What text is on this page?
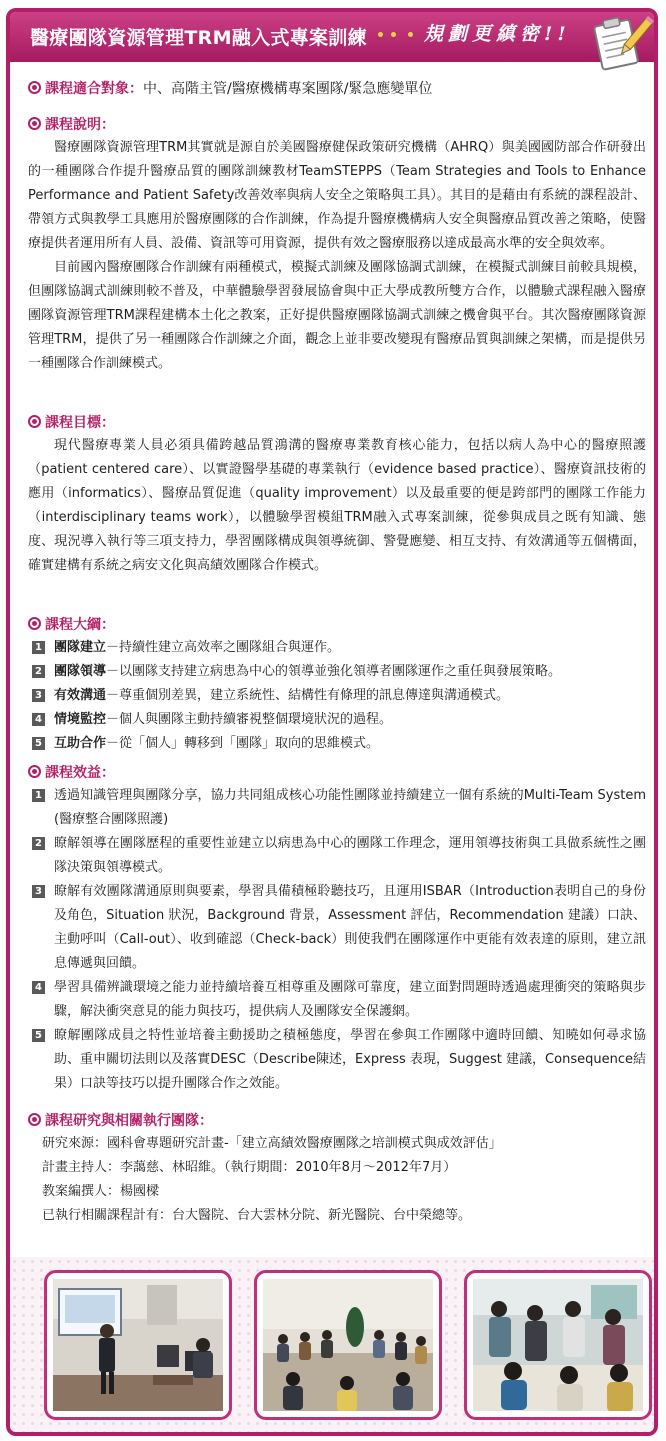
醫療團隊資源管理TRM融入式專案訓練	規劃更縝密!!
課程適合對象：中、高階主管/醫療機構專案團隊/緊急應變單位
課程說明：

醫療團隊資源管理TRM其實就是源自於美國醫療健保政策研究機構（AHRQ）與美國國防部合作研發出的一種團隊合作提升醫療品質的團隊訓練教材TeamSTEPPS（Team Strategies and Tools to Enhance Performance and Patient Safety改善效率與病人安全之策略與工具）。其目的是藉由有系統的課程設計、帶領方式與教學工具應用於醫療團隊的合作訓練，作為提升醫療機構病人安全與醫療品質改善之策略，使醫療提供者運用所有人員、設備、資訊等可用資源，提供有效之醫療服務以達成最高水準的安全與效率。

目前國內醫療團隊合作訓練有兩種模式，模擬式訓練及團隊協調式訓練，在模擬式訓練目前較具規模，但團隊協調式訓練則較不普及，中華體驗學習發展協會與中正大學成教所雙方合作，以體驗式課程融入醫療團隊資源管理TRM課程建構本土化之教案，正好提供醫療團隊協調式訓練之機會與平台。其次醫療團隊資源管理TRM，提供了另一種團隊合作訓練之介面，觀念上並非要改變現有醫療品質與訓練之架構，而是提供另一種團隊合作訓練模式。

課程目標：

現代醫療專業人員必須具備跨越品質鴻溝的醫療專業教育核心能力，包括以病人為中心的醫療照護（patient centered care）、以實證醫學基礎的專業執行（evidence based practice）、醫療資訊技術的應用（informatics）、醫療品質促進（quality improvement）以及最重要的便是跨部門的團隊工作能力（interdisciplinary teams work），以體驗學習模組TRM融入式專案訓練，從參與成員之既有知識、態度、現況導入執行等三項支持力，學習團隊構成與領導統御、警覺應變、相互支持、有效溝通等五個構面，確實建構有系統之病安文化與高績效團隊合作模式。

課程大綱：
1 團隊建立－持續性建立高效率之團隊組合與運作。
2 團隊領導－以團隊支持建立病患為中心的領導並強化領導者團隊運作之重任與發展策略。
3 有效溝通－尊重個別差異，建立系統性、結構性有條理的訊息傳達與溝通模式。
4 情境監控－個人與團隊主動持續審視整個環境狀況的過程。
5 互助合作－從「個人」轉移到「團隊」取向的思維模式。
課程效益：
1 透過知識管理與團隊分享，協力共同組成核心功能性團隊並持續建立一個有系統的Multi-Team System (醫療整合團隊照護)
2 瞭解領導在團隊歷程的重要性並建立以病患為中心的團隊工作理念，運用領導技術與工具做系統性之團隊決策與領導模式。
3 瞭解有效團隊溝通原則與要素，學習具備積極聆聽技巧，且運用ISBAR（Introduction表明自己的身份及角色，Situation 狀況，Background 背景，Assessment 評估，Recommendation 建議）口訣、主動呼叫（Call-out）、收到確認（Check-back）則使我們在團隊運作中更能有效表達的原則，建立訊息傳遞與回饋。
4 學習具備辨識環境之能力並持續培養互相尊重及團隊可靠度，建立面對問題時透過處理衝突的策略與步驟，解決衝突意見的能力與技巧，提供病人及團隊安全保護網。
5 瞭解團隊成員之特性並培養主動援助之積極態度，學習在參與工作團隊中適時回饋、知曉如何尋求協助、重申關切法則以及落實DESC（Describe陳述，Express 表現，Suggest 建議，Consequence結果）口訣等技巧以提升團隊合作之效能。
課程研究與相關執行團隊：
研究來源：國科會專題研究計畫-「建立高績效醫療團隊之培訓模式與成效評估」
計畫主持人：李藹慈、林昭維。（執行期間：2010年8月～2012年7月）
教案編撰人：楊國樑
已執行相關課程計有：台大醫院、台大雲林分院、新光醫院、台中榮總等。
